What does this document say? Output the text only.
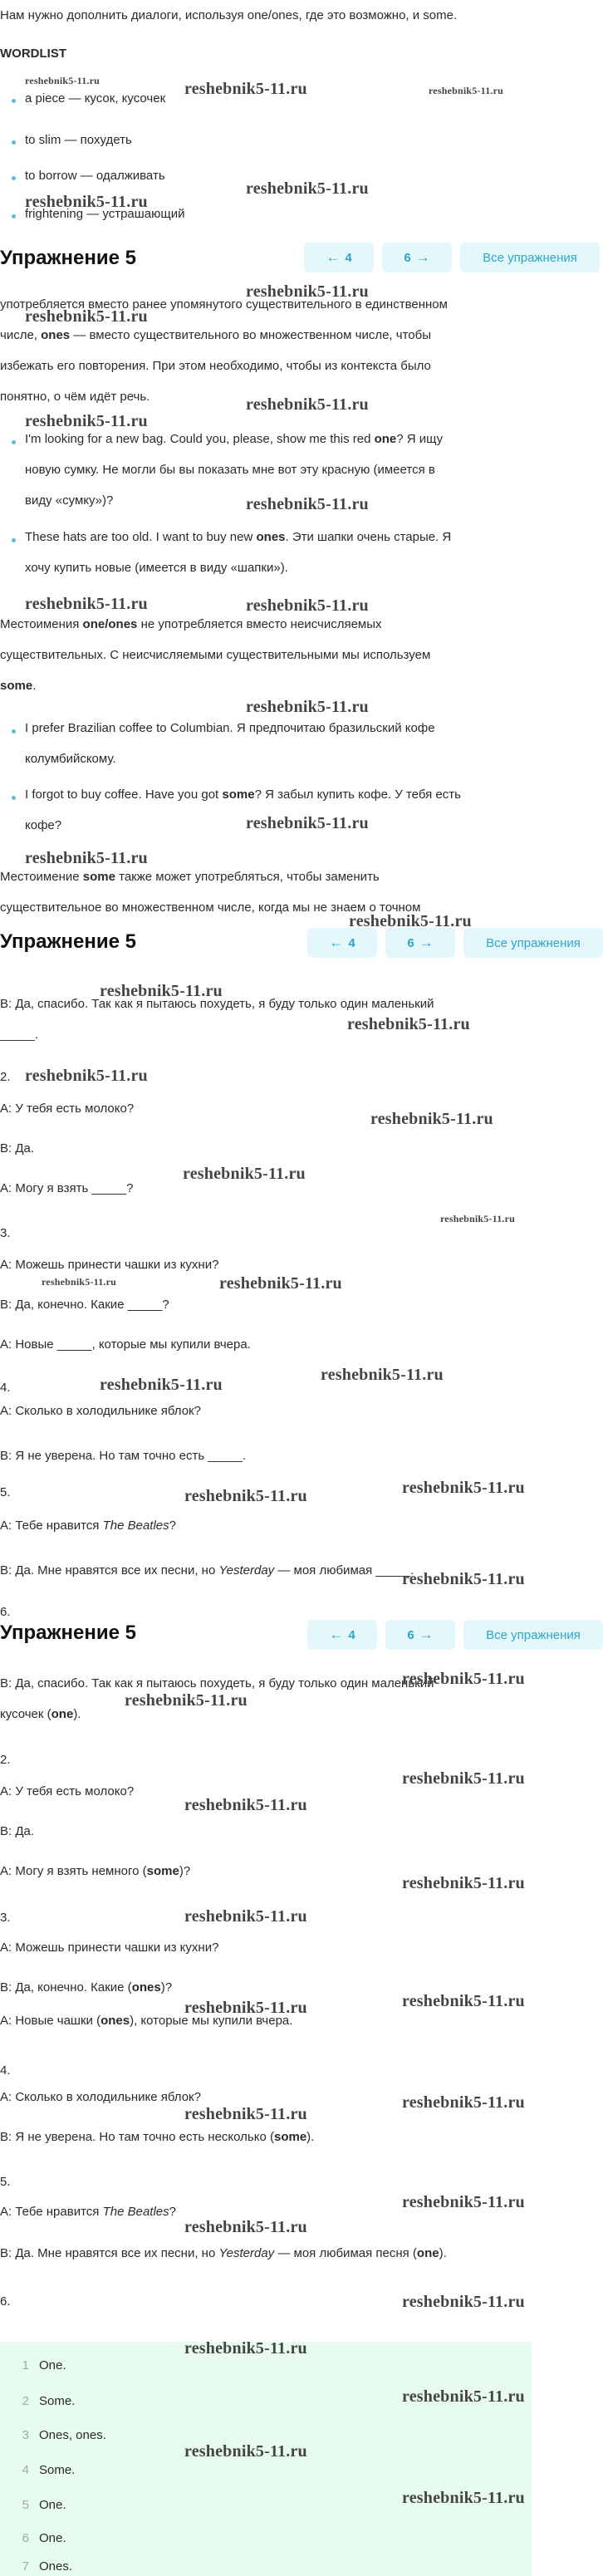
Нам нужно дополнить диалоги, используя one/ones, где это возможно, и some.
WORDLIST
a piece — кусок, кусочек
to slim — похудеть
to borrow — одалживать
frightening — устрашающий
Упражнение 5	← 4	6 →	Все упражнения
употребляется вместо ранее упомянутого существительного в единственном
числе, ones — вместо существительного во множественном числе, чтобы
избежать его повторения. При этом необходимо, чтобы из контекста было
понятно, о чём идёт речь.
I'm looking for a new bag. Could you, please, show me this red one? Я ищу
новую сумку. Не могли бы вы показать мне вот эту красную (имеется в
виду «сумку»)?
These hats are too old. I want to buy new ones. Эти шапки очень старые. Я
хочу купить новые (имеется в виду «шапки»).
Местоимения one/ones не употребляется вместо неисчисляемых
существительных. С неисчисляемыми существительными мы используем
some.
I prefer Brazilian coffee to Columbian. Я предпочитаю бразильский кофе
колумбийскому.
I forgot to buy coffee. Have you got some? Я забыл купить кофе. У тебя есть
кофе?
Местоимение some также может употребляться, чтобы заменить
существительное во множественном числе, когда мы не знаем о точном
Упражнение 5	← 4	6 →	Все упражнения
B: Да, спасибо. Так как я пытаюсь похудеть, я буду только один маленький
_____.
2.
A: У тебя есть молоко?
B: Да.
A: Могу я взять _____?
3.
A: Можешь принести чашки из кухни?
B: Да, конечно. Какие _____?
A: Новые _____, которые мы купили вчера.
4.
A: Сколько в холодильнике яблок?
B: Я не уверена. Но там точно есть _____.
5.
A: Тебе нравится The Beatles?
B: Да. Мне нравятся все их песни, но Yesterday — моя любимая _____.
6.
Упражнение 5	← 4	6 →	Все упражнения
B: Да, спасибо. Так как я пытаюсь похудеть, я буду только один маленький
кусочек (one).
2.
A: У тебя есть молоко?
B: Да.
A: Могу я взять немного (some)?
3.
A: Можешь принести чашки из кухни?
B: Да, конечно. Какие (ones)?
A: Новые чашки (ones), которые мы купили вчера.
4.
A: Сколько в холодильнике яблок?
B: Я не уверена. Но там точно есть несколько (some).
5.
A: Тебе нравится The Beatles?
B: Да. Мне нравятся все их песни, но Yesterday — моя любимая песня (one).
6.
1 One.
2 Some.
3 Ones, ones.
4 Some.
5 One.
6 One.
7 Ones.
reshebnik5-11.ru	reshebnik5-11.ru	reshebnik5-11.ru
reshebnik5-11.ru
reshebnik5-11.ru
reshebnik5-11.ru
reshebnik5-11.ru
reshebnik5-11.ru
reshebnik5-11.ru
reshebnik5-11.ru
reshebnik5-11.ru	reshebnik5-11.ru
reshebnik5-11.ru
reshebnik5-11.ru
reshebnik5-11.ru
reshebnik5-11.ru
reshebnik5-11.ru
reshebnik5-11.ru
reshebnik5-11.ru
reshebnik5-11.ru
reshebnik5-11.ru
reshebnik5-11.ru
reshebnik5-11.ru	reshebnik5-11.ru
reshebnik5-11.ru
reshebnik5-11.ru
reshebnik5-11.ru	reshebnik5-11.ru
reshebnik5-11.ru
reshebnik5-11.ru
reshebnik5-11.ru
reshebnik5-11.ru
reshebnik5-11.ru
reshebnik5-11.ru
reshebnik5-11.ru
reshebnik5-11.ru	reshebnik5-11.ru
reshebnik5-11.ru
reshebnik5-11.ru
reshebnik5-11.ru
reshebnik5-11.ru
reshebnik5-11.ru
reshebnik5-11.ru
reshebnik5-11.ru
reshebnik5-11.ru
reshebnik5-11.ru
